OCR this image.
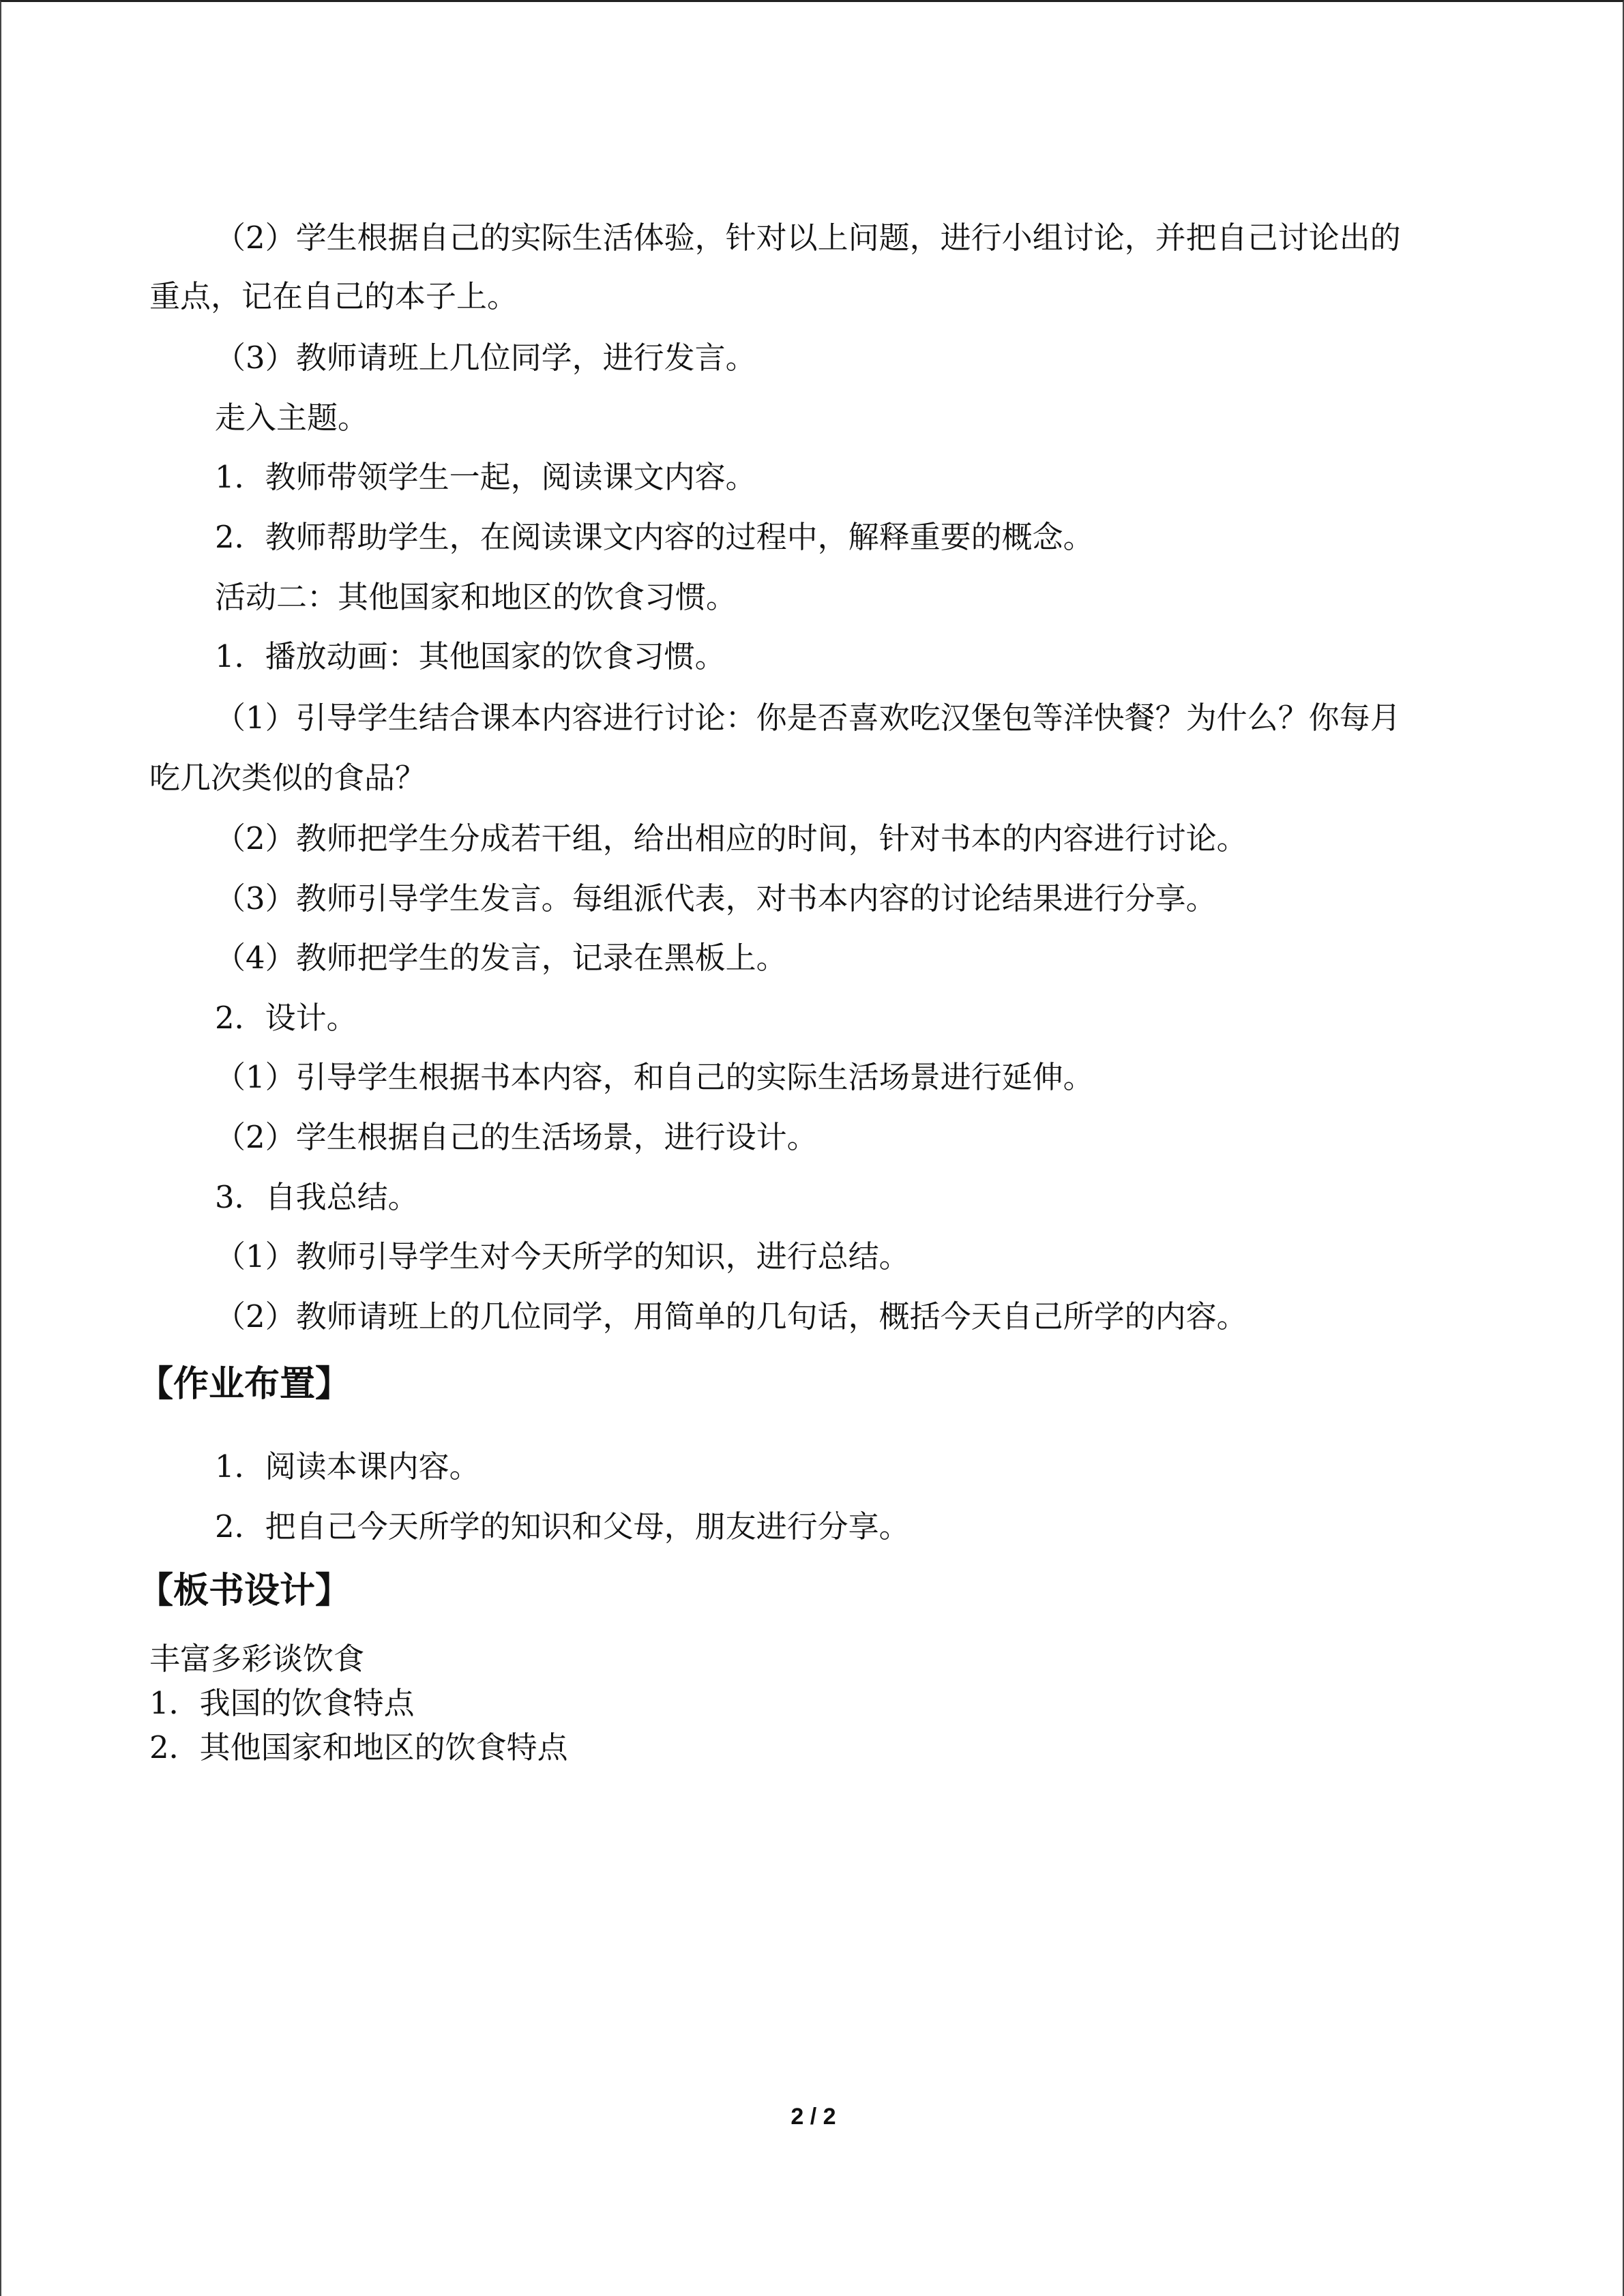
（2）学生根据自己的实际生活体验，针对以上问题，进行小组讨论，并把自己讨论出的
重点，记在自己的本子上。
（3）教师请班上几位同学，进行发言。
走入主题。
1．教师带领学生一起，阅读课文内容。
2．教师帮助学生，在阅读课文内容的过程中，解释重要的概念。
活动二：其他国家和地区的饮食习惯。
1．播放动画：其他国家的饮食习惯。
（1）引导学生结合课本内容进行讨论：你是否喜欢吃汉堡包等洋快餐？为什么？你每月
吃几次类似的食品？
（2）教师把学生分成若干组，给出相应的时间，针对书本的内容进行讨论。
（3）教师引导学生发言。每组派代表，对书本内容的讨论结果进行分享。
（4）教师把学生的发言，记录在黑板上。
2．设计。
（1）引导学生根据书本内容，和自己的实际生活场景进行延伸。
（2）学生根据自己的生活场景，进行设计。
3．自我总结。
（1）教师引导学生对今天所学的知识，进行总结。
（2）教师请班上的几位同学，用简单的几句话，概括今天自己所学的内容。
【作业布置】
1．阅读本课内容。
2．把自己今天所学的知识和父母，朋友进行分享。
【板书设计】
丰富多彩谈饮食
1．我国的饮食特点
2．其他国家和地区的饮食特点
2 / 2
